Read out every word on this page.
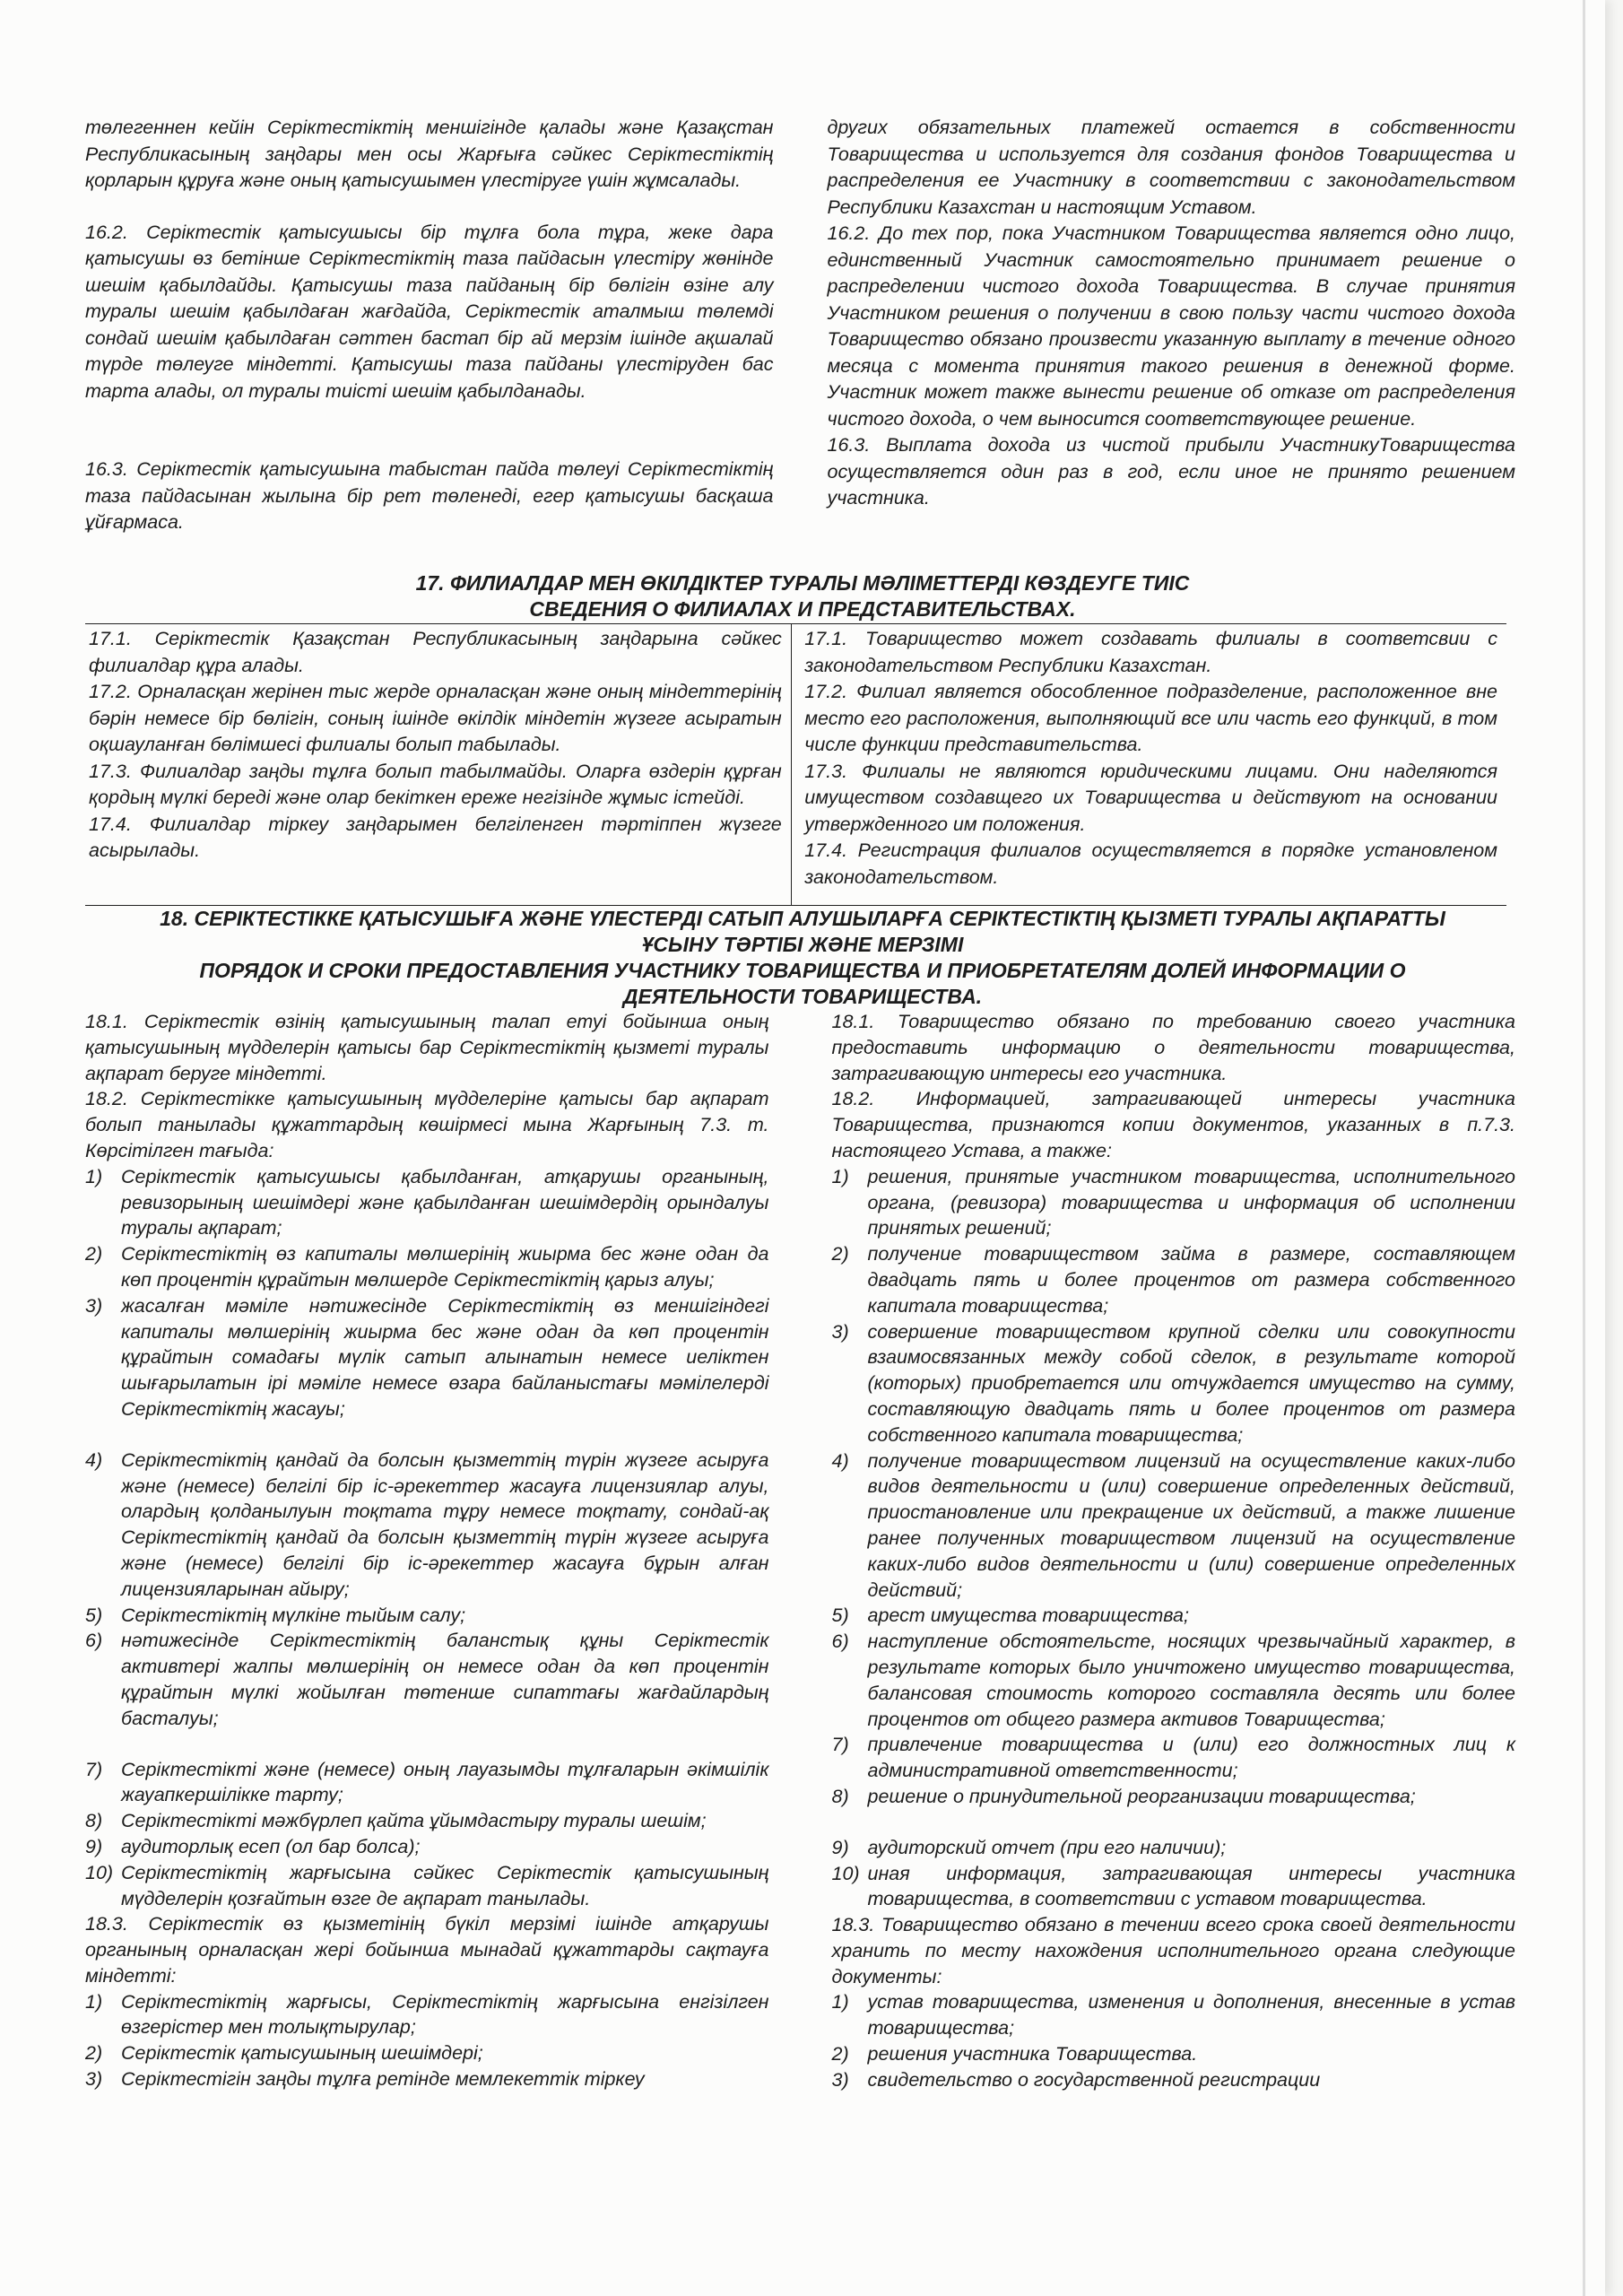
төлегеннен кейін Серіктестіктің меншігінде қалады және Қазақстан Республикасының заңдары мен осы Жарғыға сәйкес Серіктестіктің қорларын құруға және оның қатысушымен үлестіруге үшін жұмсалады.

16.2. Серіктестік қатысушысы бір тұлға бола тұра, жеке дара қатысушы өз бетінше Серіктестіктің таза пайдасын үлестіру жөнінде шешім қабылдайды. Қатысушы таза пайданың бір бөлігін өзіне алу туралы шешім қабылдаған жағдайда, Серіктестік аталмыш төлемді сондай шешім қабылдаған сәттен бастап бір ай мерзім ішінде ақшалай түрде төлеуге міндетті. Қатысушы таза пайданы үлестіруден бас тарта алады, ол туралы тиісті шешім қабылданады.

16.3. Серіктестік қатысушына табыстан пайда төлеуі Серіктестіктің таза пайдасынан жылына бір рет төленеді, егер қатысушы басқаша ұйғармаса.

других обязательных платежей остается в собственности Товарищества и используется для создания фондов Товарищества и распределения ее Участнику в соответствии с законодательством Республики Казахстан и настоящим Уставом.

16.2. До тех пор, пока Участником Товарищества является одно лицо, единственный Участник самостоятельно принимает решение о распределении чистого дохода Товарищества. В случае принятия Участником решения о получении в свою пользу части чистого дохода Товарищество обязано произвести указанную выплату в течение одного месяца с момента принятия такого решения в денежной форме. Участник может также вынести решение об отказе от распределения чистого дохода, о чем выносится соответствующее решение.

16.3. Выплата дохода из чистой прибыли УчастникуТоварищества осуществляется один раз в год, если иное не принято решением участника.

17. ФИЛИАЛДАР МЕН ӨКІЛДІКТЕР ТУРАЛЫ МӘЛІМЕТТЕРДІ КӨЗДЕУГЕ ТИІС
СВЕДЕНИЯ О ФИЛИАЛАХ И ПРЕДСТАВИТЕЛЬСТВАХ.

17.1. Серіктестік Қазақстан Республикасының заңдарына сәйкес филиалдар құра алады.

17.2. Орналасқан жерінен тыс жерде орналасқан және оның міндеттерінің бәрін немесе бір бөлігін, соның ішінде өкілдік міндетін жүзеге асыратын оқшауланған бөлімшесі филиалы болып табылады.

17.3. Филиалдар заңды тұлға болып табылмайды. Оларға өздерін құрған қордың мүлкі береді және олар бекіткен ереже негізінде жұмыс істейді.

17.4. Филиалдар тіркеу заңдарымен белгіленген тәртіппен жүзеге асырылады.

17.1. Товарищество может создавать филиалы в соответсвии с законодательством Республики Казахстан.

17.2. Филиал является обособленное подразделение, расположенное вне место его расположения, выполняющий все или часть его функций, в том числе функции представительства.

17.3. Филиалы не являются юридическими лицами. Они наделяются имуществом создавщего их Товарищества и действуют на основании утвержденного им положения.

17.4. Регистрация филиалов осуществляется в порядке установленом законодательством.

18. СЕРІКТЕСТІККЕ ҚАТЫСУШЫҒА ЖӘНЕ ҮЛЕСТЕРДІ САТЫП АЛУШЫЛАРҒА СЕРІКТЕСТІКТІҢ ҚЫЗМЕТІ ТУРАЛЫ АҚПАРАТТЫ
ҰСЫНУ ТӘРТІБІ ЖӘНЕ МЕРЗІМІ
ПОРЯДОК И СРОКИ ПРЕДОСТАВЛЕНИЯ УЧАСТНИКУ ТОВАРИЩЕСТВА И ПРИОБРЕТАТЕЛЯМ ДОЛЕЙ ИНФОРМАЦИИ О
ДЕЯТЕЛЬНОСТИ ТОВАРИЩЕСТВА.

18.1. Серіктестік өзінің қатысушының талап етуі бойынша оның қатысушының мүдделерін қатысы бар Серіктестіктің қызметі туралы ақпарат беруге міндетті.

18.2. Серіктестікке қатысушының мүдделеріне қатысы бар ақпарат болып танылады құжаттардың көшірмесі мына Жарғының 7.3. т. Көрсітілген тағыда:

1) Серіктестік қатысушысы қабылданған, атқарушы органының, ревизорының шешімдері және қабылданған шешімдердің орындалуы туралы ақпарат;
2) Серіктестіктің өз капиталы мөлшерінің жиырма бес және одан да көп процентін құрайтын мөлшерде Серіктестіктің қарыз алуы;
3) жасалған мәміле нәтижесінде Серіктестіктің өз меншігіндегі капиталы мөлшерінің жиырма бес және одан да көп процентін құрайтын сомадағы мүлік сатып алынатын немесе иеліктен шығарылатын ірі мәміле немесе өзара байланыстағы мәмілелерді Серіктестіктің жасауы;
4) Серіктестіктің қандай да болсын қызметтің түрін жүзеге асыруға және (немесе) белгілі бір іс-әрекеттер жасауға лицензиялар алуы, олардың қолданылуын тоқтата тұру немесе тоқтату, сондай-ақ Серіктестіктің қандай да болсын қызметтің түрін жүзеге асыруға және (немесе) белгілі бір іс-әрекеттер жасауға бұрын алған лицензияларынан айыру;
5) Серіктестіктің мүлкіне тыйым салу;
6) нәтижесінде Серіктестіктің баланстық құны Серіктестік активтері жалпы мөлшерінің он немесе одан да көп процентін құрайтын мүлкі жойылған төтенше сипаттағы жағдайлардың басталуы;
7) Серіктестікті және (немесе) оның лауазымды тұлғаларын әкімшілік жауапкершілікке тарту;
8) Серіктестікті мәжбүрлеп қайта ұйымдастыру туралы шешім;
9) аудиторлық есеп (ол бар болса);
10) Серіктестіктің жарғысына сәйкес Серіктестік қатысушының мүдделерін қозғайтын өзге де ақпарат танылады.

18.3. Серіктестік өз қызметінің бүкіл мерзімі ішінде атқарушы органының орналасқан жері бойынша мынадай құжаттарды сақтауға міндетті:

1) Серіктестіктің жарғысы, Серіктестіктің жарғысына енгізілген өзгерістер мен толықтырулар;
2) Серіктестік қатысушының шешімдері;
3) Серіктестігін заңды тұлға ретінде мемлекеттік тіркеу

18.1. Товарищество обязано по требованию своего участника предоставить информацию о деятельности товарищества, затрагивающую интересы его участника.

18.2. Информацией, затрагивающей интересы участника Товарищества, признаются копии документов, указанных в п.7.3. настоящего Устава, а также:

1) решения, принятые участником товарищества, исполнительного органа, (ревизора) товарищества и информация об исполнении принятых решений;
2) получение товариществом займа в размере, составляющем двадцать пять и более процентов от размера собственного капитала товарищества;
3) совершение товариществом крупной сделки или совокупности взаимосвязанных между собой сделок, в результате которой (которых) приобретается или отчуждается имущество на сумму, составляющую двадцать пять и более процентов от размера собственного капитала товарищества;
4) получение товариществом лицензий на осуществление каких-либо видов деятельности и (или) совершение определенных действий, приостановление или прекращение их действий, а также лишение ранее полученных товариществом лицензий на осуществление каких-либо видов деятельности и (или) совершение определенных действий;
5) арест имущества товарищества;
6) наступление обстоятельсте, носящих чрезвычайный характер, в результате которых было уничтожено имущество товарищества, балансовая стоимость которого составляла десять или более процентов от общего размера активов Товарищества;
7) привлечение товарищества и (или) его должностных лиц к административной ответственности;
8) решение о принудительной реорганизации товарищества;
9) аудиторский отчет (при его наличии);
10) иная информация, затрагивающая интересы участника товарищества, в соответствии с уставом товарищества.

18.3. Товарищество обязано в течении всего срока своей деятельности хранить по месту нахождения исполнительного органа следующие документы:

1) устав товарищества, изменения и дополнения, внесенные в устав товарищества;
2) решения участника Товарищества.
3) свидетельство о государственной регистрации
